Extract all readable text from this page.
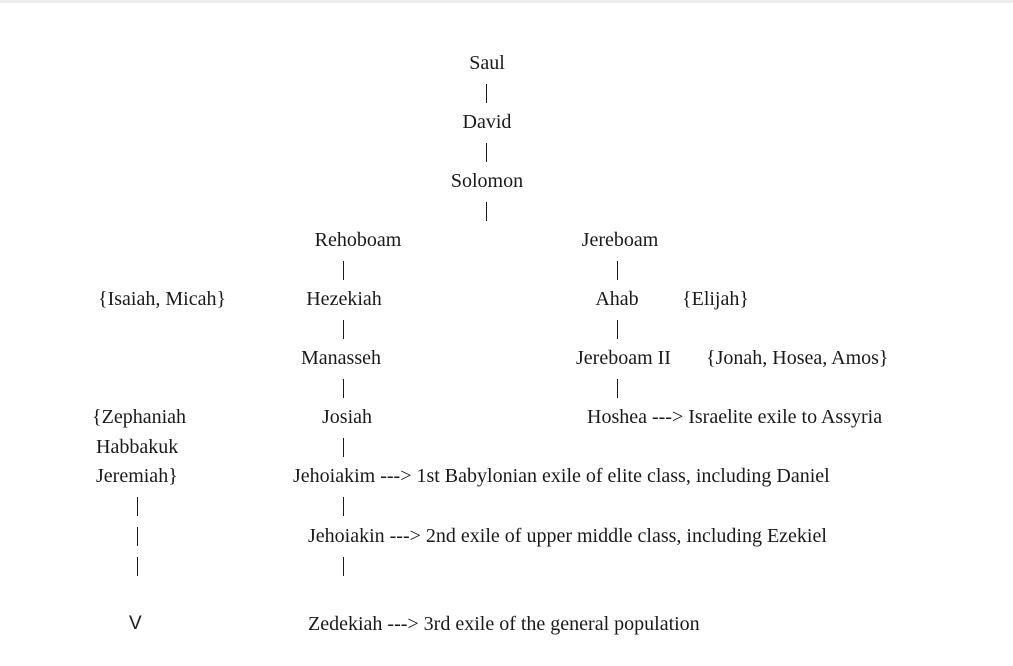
Saul
David
Solomon
Rehoboam
Hezekiah
Manasseh
Josiah
Jehoiakim ---> 1st Babylonian exile of elite class, including Daniel
Jehoiakin ---> 2nd exile of upper middle class, including Ezekiel
Zedekiah ---> 3rd exile of the general population
Jereboam
Ahab
Jereboam II
Hoshea ---> Israelite exile to Assyria
{Isaiah, Micah}	{Elijah}
{Jonah, Hosea, Amos}
{Zephaniah
Habbakuk
Jeremiah}
V
